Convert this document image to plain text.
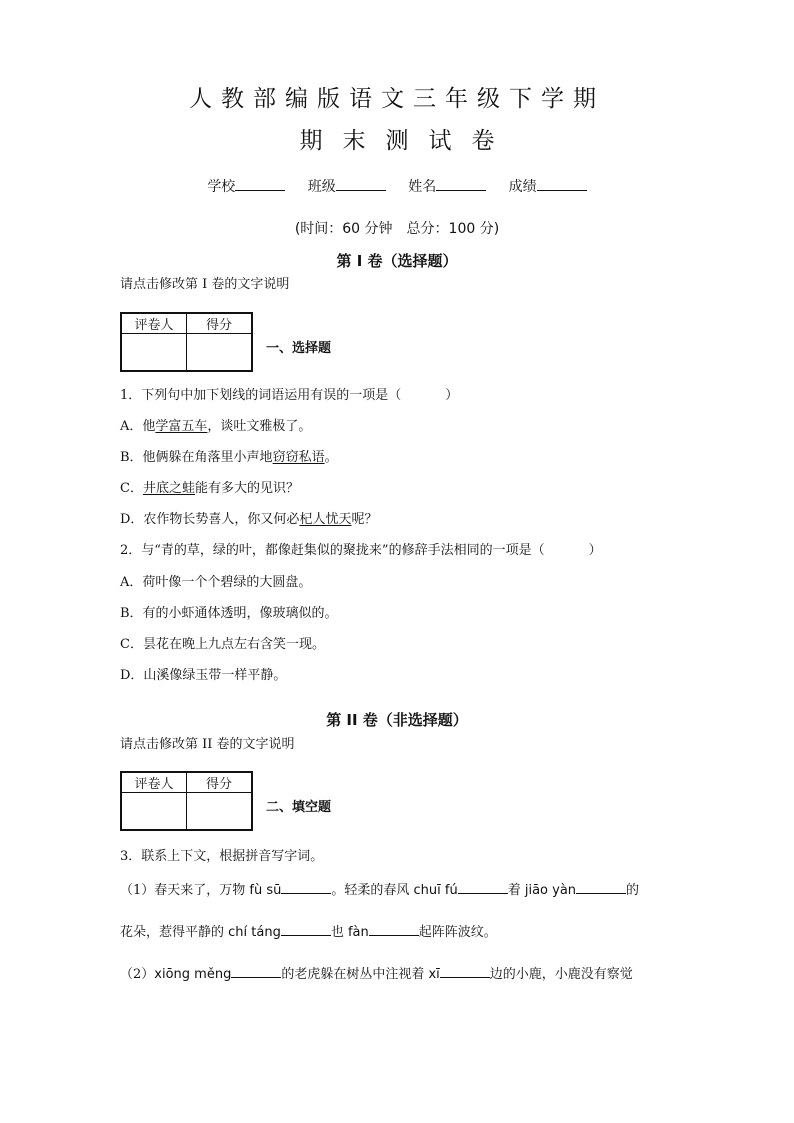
人教部编版语文三年级下学期
期末测试卷
学校	班级	姓名	成绩
(时间：60 分钟　总分：100 分)
第 I 卷（选择题）
请点击修改第 I 卷的文字说明
评卷人	得分

一、选择题
1．下列句中加下划线的词语运用有误的一项是（	）
A．他学富五车，谈吐文雅极了。
B．他俩躲在角落里小声地窃窃私语。
C．井底之蛙能有多大的见识？
D．农作物长势喜人，你又何必杞人忧天呢？
2．与“青的草，绿的叶，都像赶集似的聚拢来”的修辞手法相同的一项是（	）
A．荷叶像一个个碧绿的大圆盘。
B．有的小虾通体透明，像玻璃似的。
C．昙花在晚上九点左右含笑一现。
D．山溪像绿玉带一样平静。
第 II 卷（非选择题）
请点击修改第 II 卷的文字说明
评卷人	得分

二、填空题
3．联系上下文，根据拼音写字词。
（1）春天来了，万物 fù sū	。轻柔的春风 chuī fú	着 jiāo yàn	的
花朵，惹得平静的 chí táng	也 fàn	起阵阵波纹。
（2）xiōng měng	的老虎躲在树丛中注视着 xī	边的小鹿，小鹿没有察觉
